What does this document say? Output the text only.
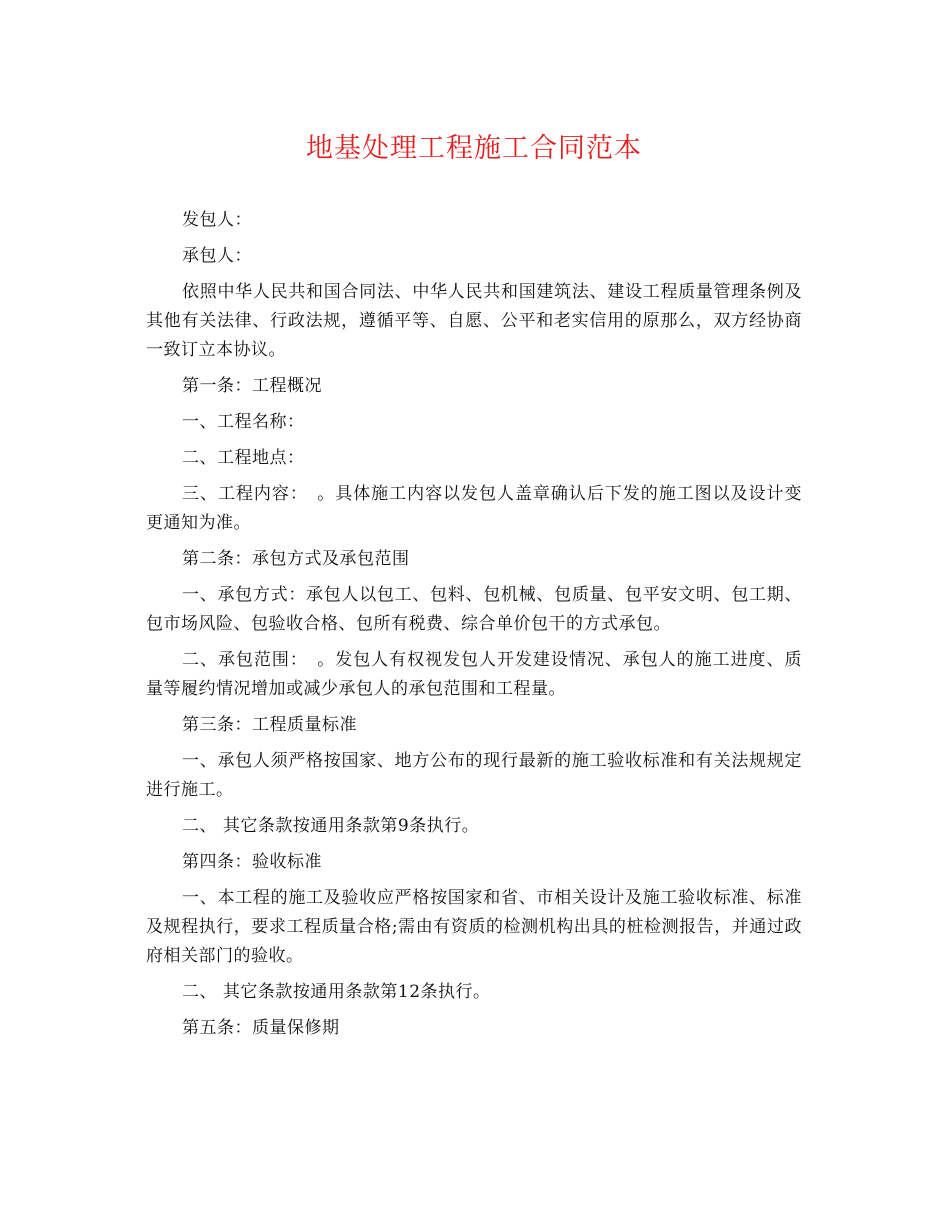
地基处理工程施工合同范本

发包人：

承包人：

依照中华人民共和国合同法、中华人民共和国建筑法、建设工程质量管理条例及其他有关法律、行政法规，遵循平等、自愿、公平和老实信用的原那么，双方经协商一致订立本协议。

第一条：工程概况

一、工程名称：

二、工程地点：

三、工程内容：　。具体施工内容以发包人盖章确认后下发的施工图以及设计变更通知为准。

第二条：承包方式及承包范围

一、承包方式：承包人以包工、包料、包机械、包质量、包平安文明、包工期、包市场风险、包验收合格、包所有税费、综合单价包干的方式承包。

二、承包范围：　。发包人有权视发包人开发建设情况、承包人的施工进度、质量等履约情况增加或减少承包人的承包范围和工程量。

第三条：工程质量标准

一、承包人须严格按国家、地方公布的现行最新的施工验收标准和有关法规规定进行施工。

二、 其它条款按通用条款第9条执行。

第四条：验收标准

一、本工程的施工及验收应严格按国家和省、市相关设计及施工验收标准、标准及规程执行，要求工程质量合格;需由有资质的检测机构出具的桩检测报告，并通过政府相关部门的验收。

二、 其它条款按通用条款第12条执行。

第五条：质量保修期
